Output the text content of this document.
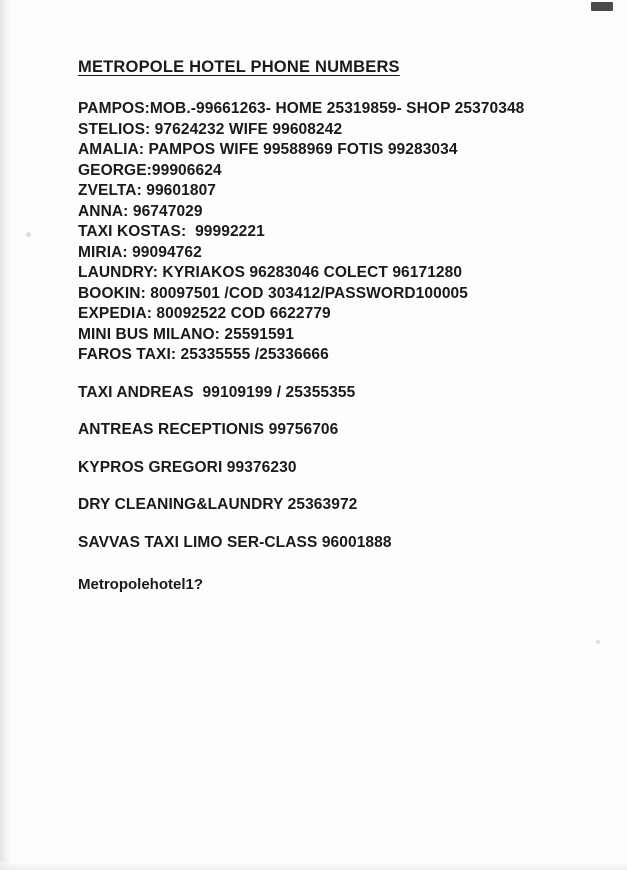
METROPOLE HOTEL PHONE NUMBERS

PAMPOS:MOB.-99661263- HOME 25319859- SHOP 25370348

STELIOS: 97624232 WIFE 99608242

AMALIA: PAMPOS WIFE 99588969 FOTIS 99283034

GEORGE:99906624

ZVELTA: 99601807

ANNA: 96747029

TAXI KOSTAS:  99992221

MIRIA: 99094762

LAUNDRY: KYRIAKOS 96283046 COLECT 96171280

BOOKIN: 80097501 /COD 303412/PASSWORD100005

EXPEDIA: 80092522 COD 6622779

MINI BUS MILANO: 25591591

FAROS TAXI: 25335555 /25336666

TAXI ANDREAS  99109199 / 25355355

ANTREAS RECEPTIONIS 99756706

KYPROS GREGORI 99376230

DRY CLEANING&LAUNDRY 25363972

SAVVAS TAXI LIMO SER-CLASS 96001888

Metropolehotel1?
